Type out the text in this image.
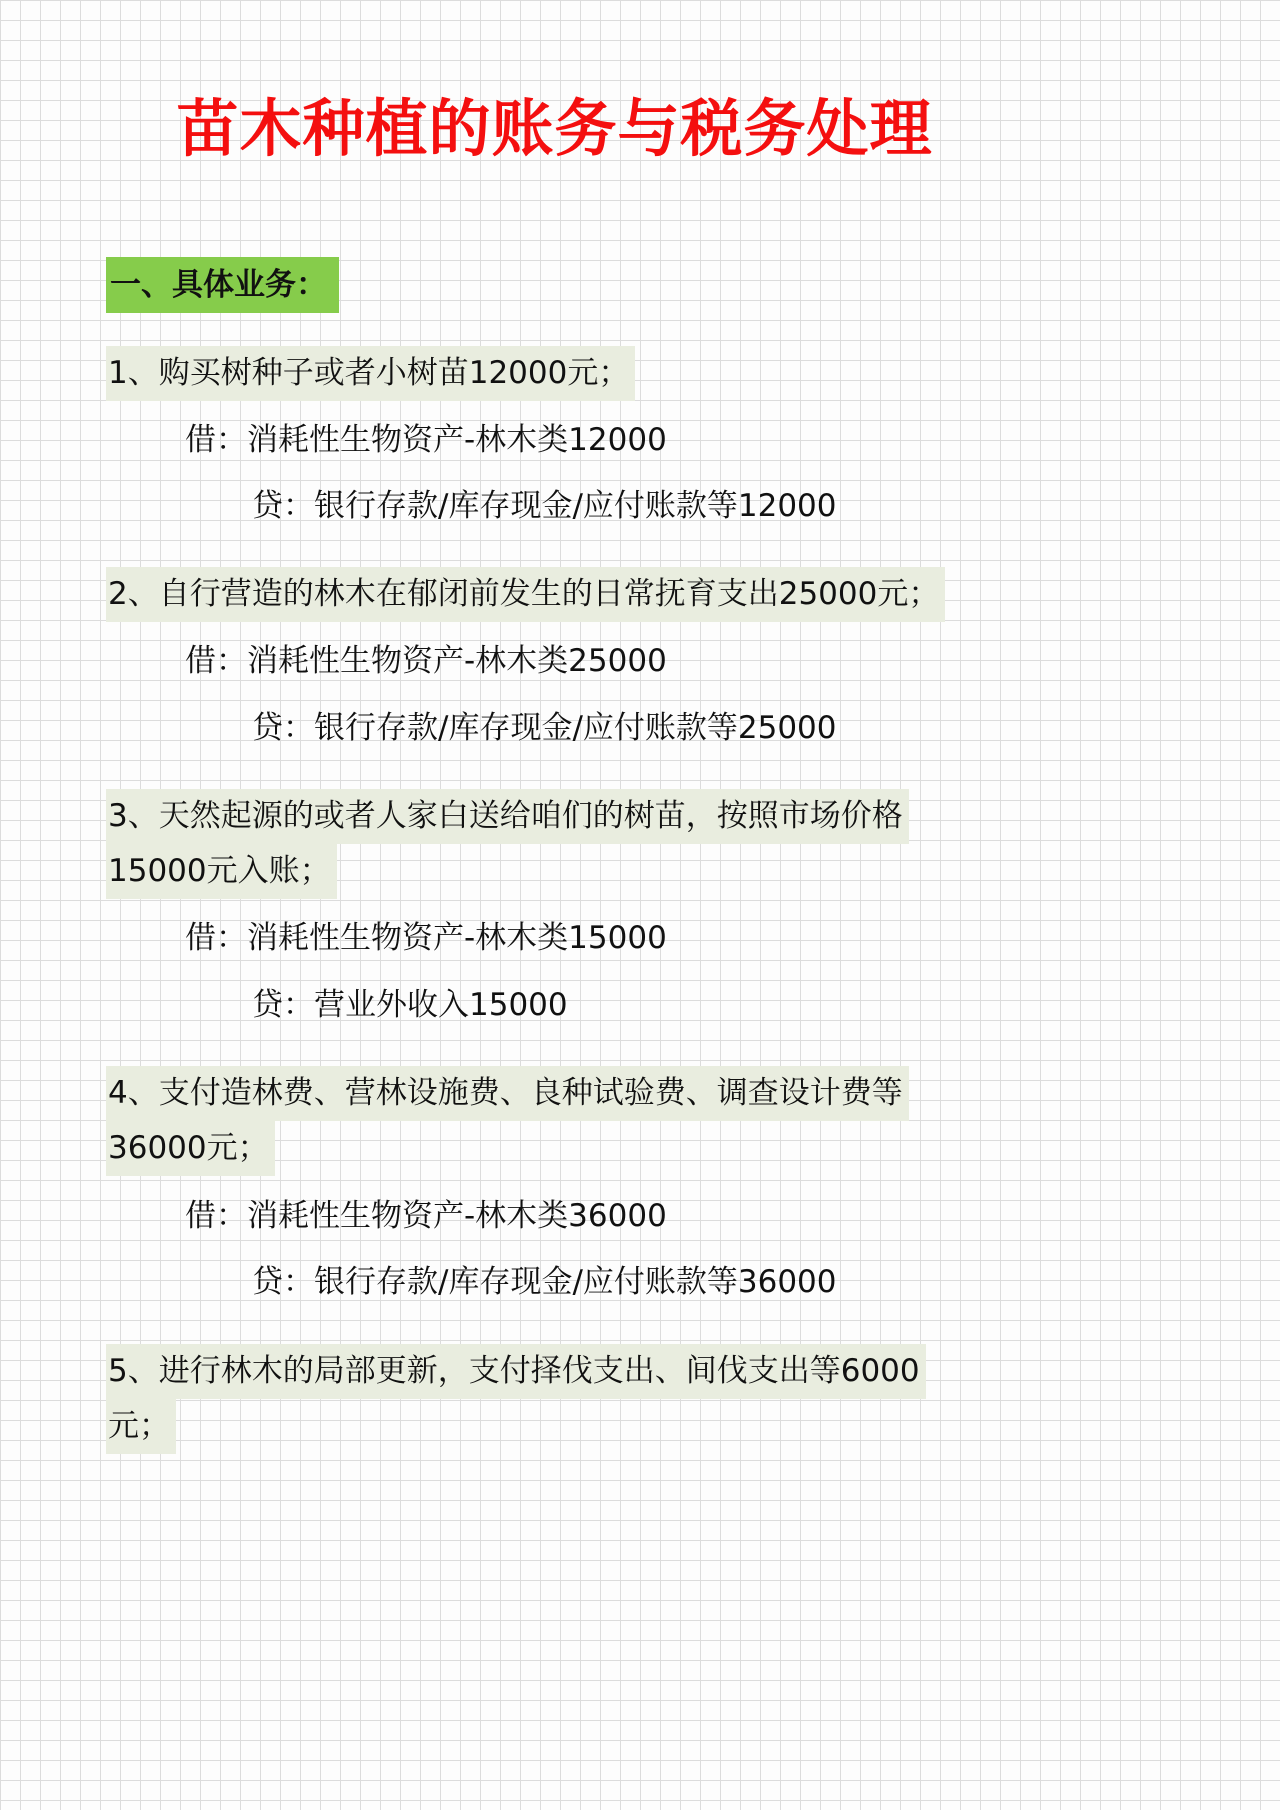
苗木种植的账务与税务处理
一、具体业务：
1、购买树种子或者小树苗12000元；
借：消耗性生物资产-林木类12000
贷：银行存款/库存现金/应付账款等12000
2、自行营造的林木在郁闭前发生的日常抚育支出25000元；
借：消耗性生物资产-林木类25000
贷：银行存款/库存现金/应付账款等25000
3、天然起源的或者人家白送给咱们的树苗，按照市场价格
15000元入账；
借：消耗性生物资产-林木类15000
贷：营业外收入15000
4、支付造林费、营林设施费、良种试验费、调查设计费等
36000元；
借：消耗性生物资产-林木类36000
贷：银行存款/库存现金/应付账款等36000
5、进行林木的局部更新，支付择伐支出、间伐支出等6000
元；
